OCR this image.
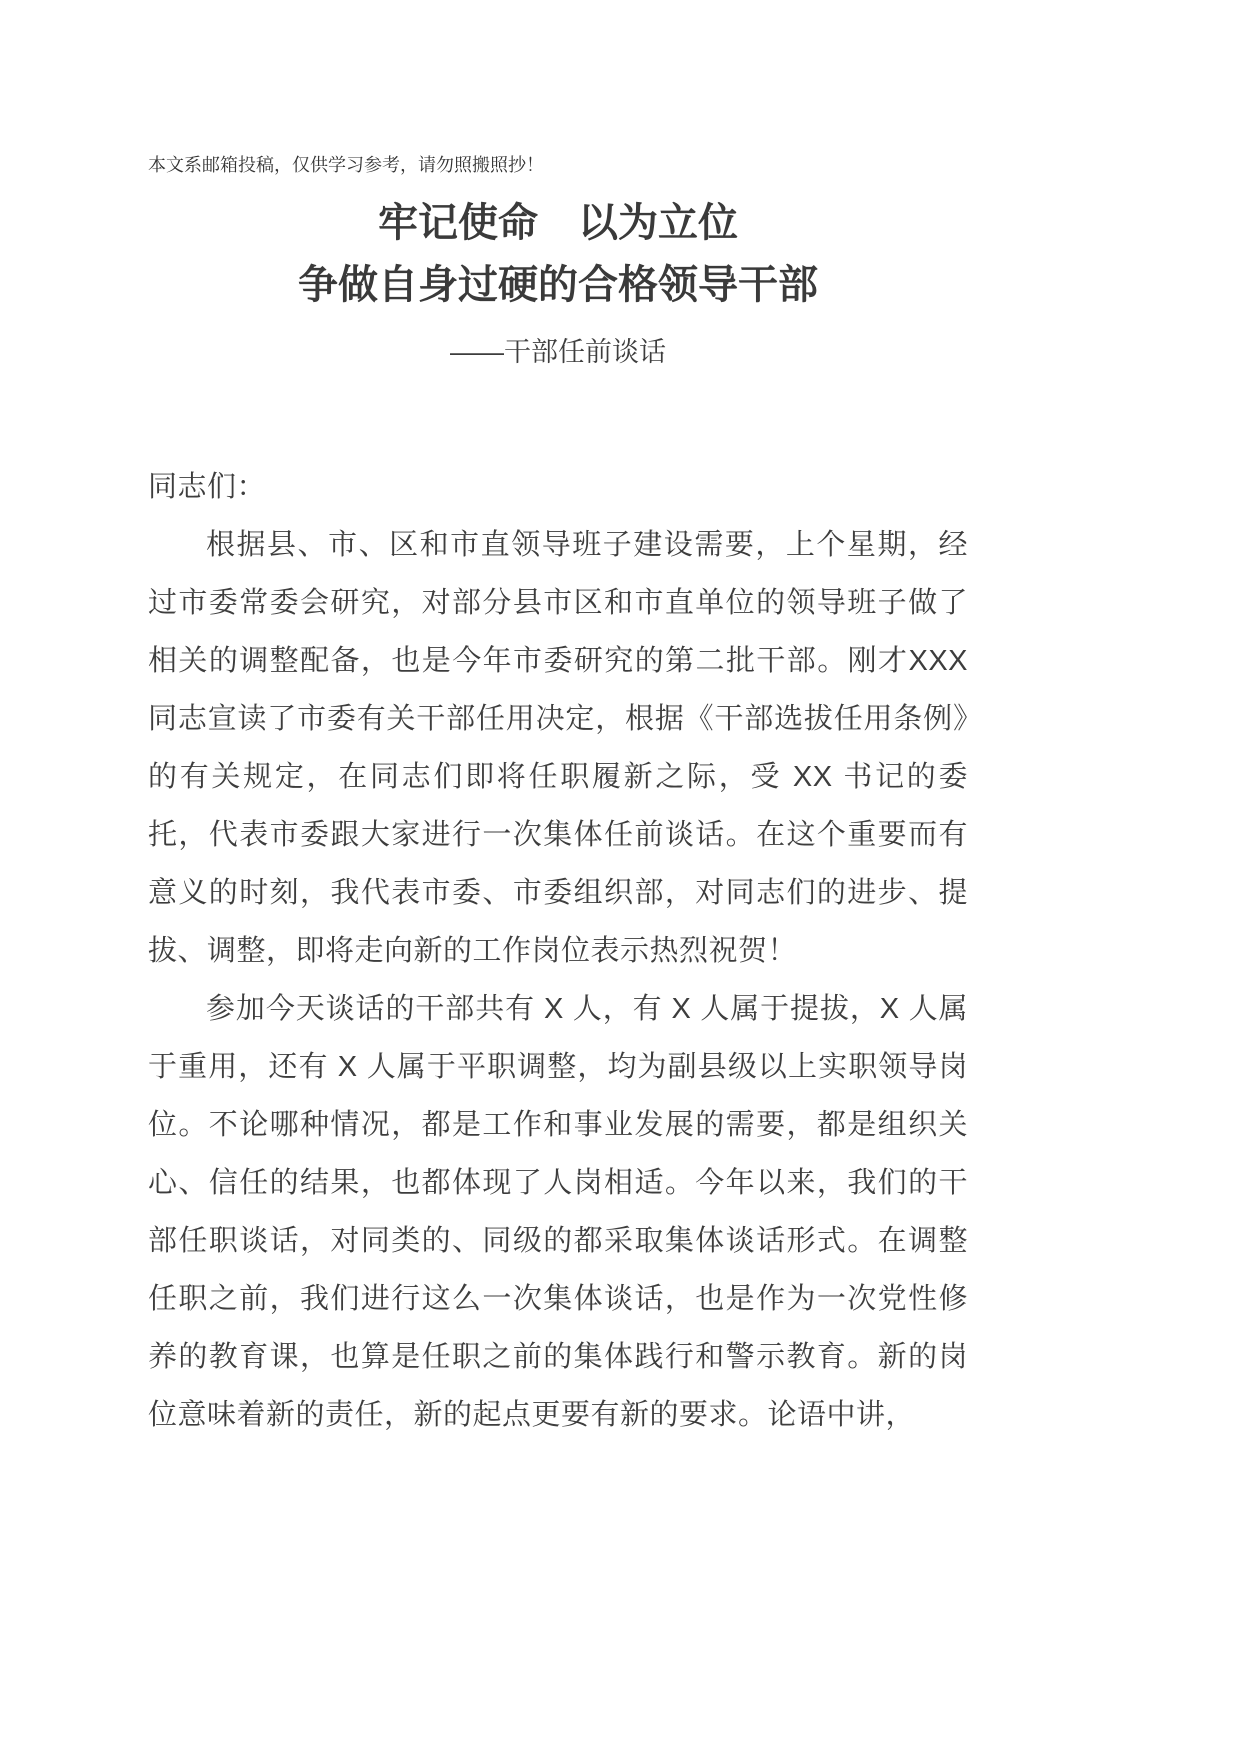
本文系邮箱投稿，仅供学习参考，请勿照搬照抄！

牢记使命　以为立位
争做自身过硬的合格领导干部
——干部任前谈话

同志们：

根据县、市、区和市直领导班子建设需要，上个星期，经过市委常委会研究，对部分县市区和市直单位的领导班子做了相关的调整配备，也是今年市委研究的第二批干部。刚才XXX 同志宣读了市委有关干部任用决定，根据《干部选拔任用条例》的有关规定，在同志们即将任职履新之际，受 XX 书记的委托，代表市委跟大家进行一次集体任前谈话。在这个重要而有意义的时刻，我代表市委、市委组织部，对同志们的进步、提拔、调整，即将走向新的工作岗位表示热烈祝贺！

参加今天谈话的干部共有 X 人，有 X 人属于提拔，X 人属于重用，还有 X 人属于平职调整，均为副县级以上实职领导岗位。不论哪种情况，都是工作和事业发展的需要，都是组织关心、信任的结果，也都体现了人岗相适。今年以来，我们的干部任职谈话，对同类的、同级的都采取集体谈话形式。在调整任职之前，我们进行这么一次集体谈话，也是作为一次党性修养的教育课，也算是任职之前的集体践行和警示教育。新的岗位意味着新的责任，新的起点更要有新的要求。论语中讲，
